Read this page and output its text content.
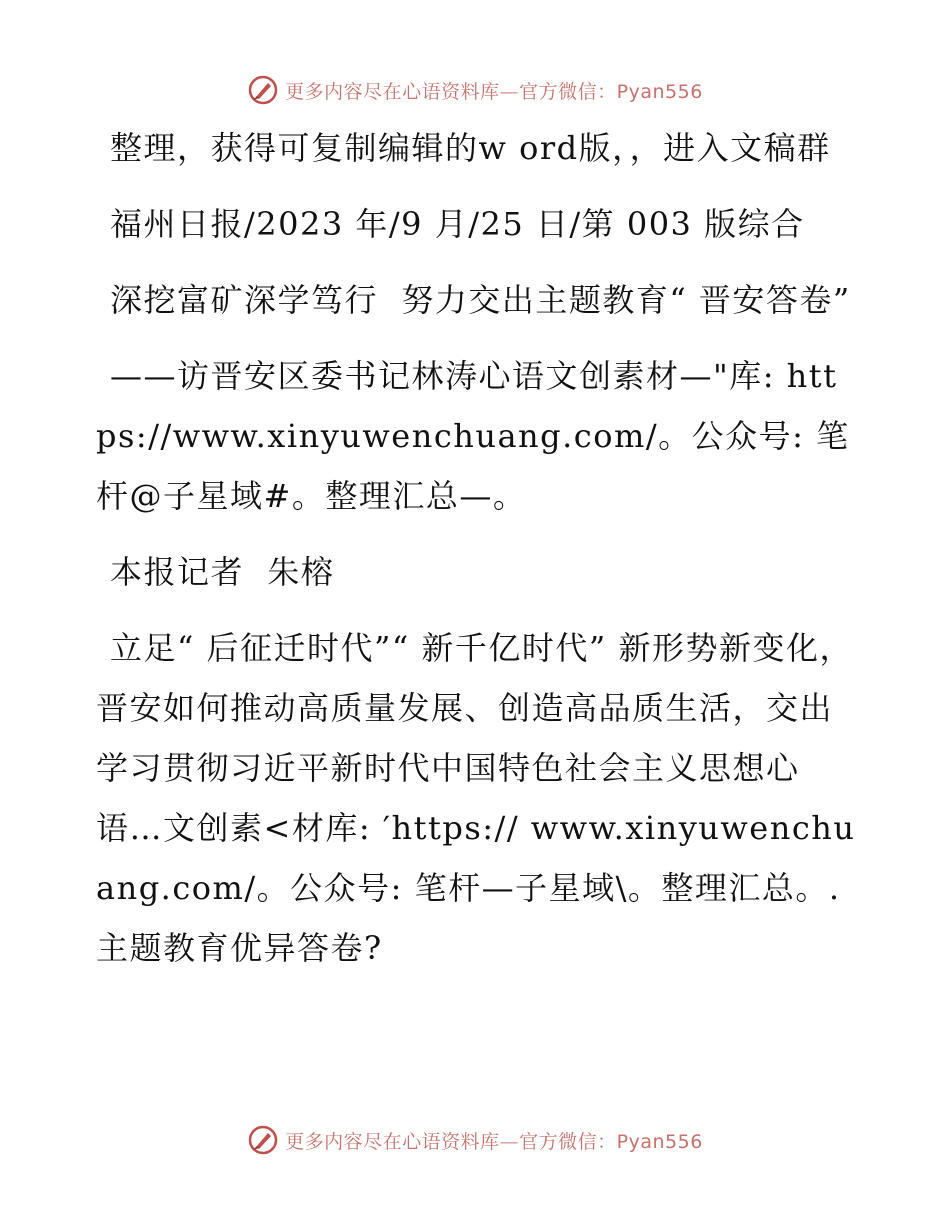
更多内容尽在心语资料库—官方微信：Pyan556

整理，获得可复制编辑的w ord版，，进入文稿群

福州日报/2023 年/9 月/25 日/第 003 版综合

深挖富矿深学笃行  努力交出主题教育“ 晋安答卷”

——访晋安区委书记林涛心语文创素材—"库: https://www.xinyuwenchuang.com/。公众号: 笔杆@子星域#。整理汇总—。

本报记者  朱榕

立足“ 后征迁时代”“ 新千亿时代” 新形势新变化，晋安如何推动高质量发展、创造高品质生活，交出学习贯彻习近平新时代中国特色社会主义思想心语…文创素<材库: ′https:// www.xinyuwenchuang.com/。公众号: 笔杆—子星域\。整理汇总。.主题教育优异答卷?

更多内容尽在心语资料库—官方微信：Pyan556
